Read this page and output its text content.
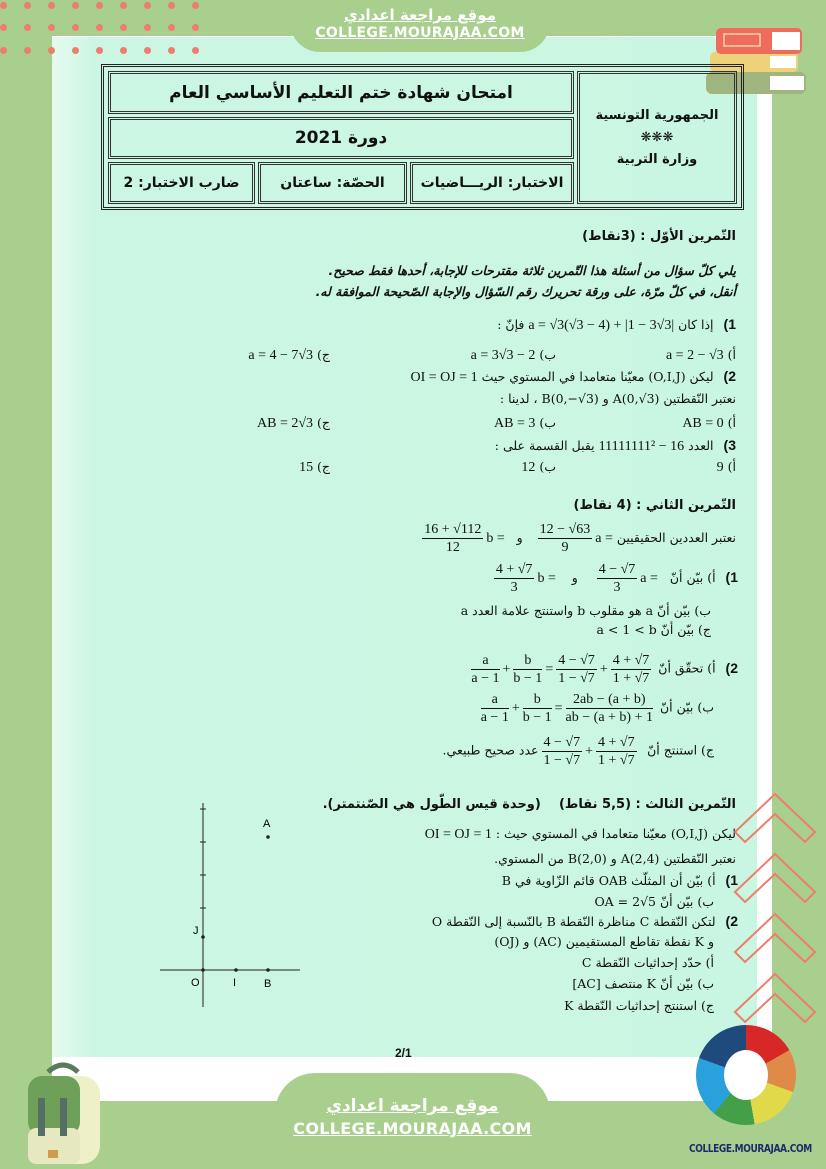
موقع مراجعة اعدادي
COLLEGE.MOURAJAA.COM
امتحان شهادة ختم التعليم الأساسي العام
دورة 2021
الاختبار: الريـــاضيات
الحصّة: ساعتان
ضارب الاختبار: 2
الجمهورية التونسية
❋❋❋
وزارة التربية
التّمرين الأوّل : (3نقاط)
يلي كلّ سؤال من أسئلة هذا التّمرين ثلاثة مقترحات للإجابة، أحدها فقط صحيح.
أنقل، في كلّ مرّة، على ورقة تحريرك رقم السّؤال والإجابة الصّحيحة الموافقة له.
1) إذا كان a = √3(√3 − 4) + |1 − 3√3| فإنّ :
أ) a = 2 − √3
ب) a = 3√3 − 2
ج) a = 4 − 7√3
2) ليكن (O,I,J) معيّنا متعامدا في المستوي حيث OI = OJ = 1
نعتبر النّقطتين A(0,√3) و B(0,−√3) ، لدينا :
أ) AB = 0
ب) AB = 3
ج) AB = 2√3
3) العدد 11111111² − 16 يقبل القسمة على :
أ) 9
ب) 12
ج) 15
التّمرين الثاني : (4 نقاط)
نعتبر العددين الحقيقيين a =
$\frac{12 - √63}{9}$
و   b =
$\frac{16 + √112}{12}$
1) أ) بيّن أنّ   a =
$\frac{4 - √7}{3}$
و    b =
$\frac{4 + √7}{3}$
ب) بيّن أنّ a هو مقلوب b واستنتج علامة العدد a
ج) بيّن أنّ a < 1 < b
2) أ) تحقّق أنّ
$\frac{a}{a - 1} + \frac{b}{b - 1} = \frac{4 - √7}{1 - √7} + \frac{4 + √7}{1 + √7}$
ب) بيّن أنّ
$\frac{a}{a - 1} + \frac{b}{b - 1} = \frac{2ab - (a + b)}{ab - (a + b) + 1}$
ج) استنتج أنّ
$\frac{4 - √7}{1 - √7} + \frac{4 + √7}{1 + √7}$
عدد صحيح طبيعي.
التّمرين الثالث : (5,5 نقاط)    (وحدة قيس الطّول هي الصّنتمتر).
ليكن (O,I,J) معيّنا متعامدا في المستوي حيث : OI = OJ = 1
نعتبر النّقطتين A(2,4) و B(2,0) من المستوي.
1) أ) بيّن أن المثلّث OAB قائم الزّاوية في B
ب) بيّن أنّ OA = 2√5
2) لتكن النّقطة C مناظرة النّقطة B بالنّسبة إلى النّقطة O
و K نقطة تقاطع المستقيمين (AC) و (OJ)
أ) حدّد إحداثيات النّقطة C
ب) بيّن أنّ K منتصف [AC]
ج) استنتج إحداثيات النّقطة K
A
J
O	I	B
2/1
موقع مراجعة اعدادي
COLLEGE.MOURAJAA.COM
COLLEGE.MOURAJAA.COM
